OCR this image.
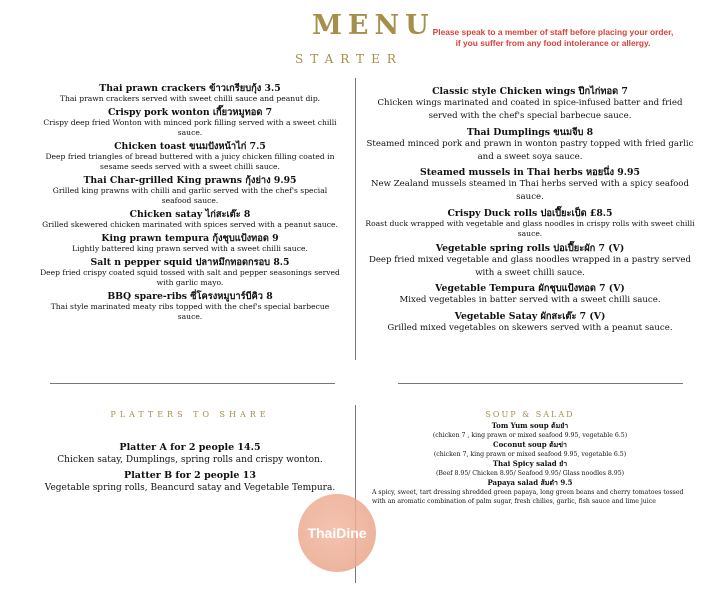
MENU
Please speak to a member of staff before placing your order,
if you suffer from any food intolerance or allergy.
STARTER
Thai prawn crackers ข้าวเกรียบกุ้ง 3.5
Thai prawn crackers served with sweet chilli sauce and peanut dip.
Crispy pork wonton เกี๊ยวหมูทอด 7
Crispy deep fried Wonton with minced pork filling served with a sweet chilli sauce.
Chicken toast ขนมปังหน้าไก่ 7.5
Deep fried triangles of bread buttered with a juicy chicken filling coated in sesame seeds served with a sweet chilli sauce.
Thai Char-grilled King prawns กุ้งย่าง 9.95
Grilled king prawns with chilli and garlic served with the chef's special seafood sauce.
Chicken satay ไก่สะเต๊ะ 8
Grilled skewered chicken marinated with spices served with a peanut sauce.
King prawn tempura กุ้งชุบแป้งทอด 9
Lightly battered king prawn served with a sweet chilli sauce.
Salt n pepper squid ปลาหมึกทอดกรอบ 8.5
Deep fried crispy coated squid tossed with salt and pepper seasonings served with garlic mayo.
BBQ spare-ribs ซี่โครงหมูบาร์บีคิว 8
Thai style marinated meaty ribs topped with the chef's special barbecue sauce.
Classic style Chicken wings ปีกไก่ทอด 7
Chicken wings marinated and coated in spice-infused batter and fried served with the chef's special barbecue sauce.
Thai Dumplings ขนมจีบ 8
Steamed minced pork and prawn in wonton pastry topped with fried garlic and a sweet soya sauce.
Steamed mussels in Thai herbs หอยนึ่ง 9.95
New Zealand mussels steamed in Thai herbs served with a spicy seafood sauce.
Crispy Duck rolls ปอเปี๊ยะเป็ด £8.5
Roast duck wrapped with vegetable and glass noodles in crispy rolls with sweet chilli sauce.
Vegetable spring rolls ปอเปี๊ยะผัก 7 (V)
Deep fried mixed vegetable and glass noodles wrapped in a pastry served with a sweet chilli sauce.
Vegetable Tempura ผักชุบแป้งทอด 7 (V)
Mixed vegetables in batter served with a sweet chilli sauce.
Vegetable Satay ผักสะเต๊ะ 7 (V)
Grilled mixed vegetables on skewers served with a peanut sauce.
PLATTERS TO SHARE
Platter A for 2 people 14.5
Chicken satay, Dumplings, spring rolls and crispy wonton.
Platter B for 2 people 13
Vegetable spring rolls, Beancurd satay and Vegetable Tempura.
SOUP & SALAD
Tom Yum soup ต้มยำ
(chicken 7 , king prawn or mixed seafood 9.95, vegetable 6.5)
Coconut soup ต้มข่า
(chicken 7, king prawn or mixed seafood 9.95, vegetable 6.5)
Thai Spicy salad ยำ
(Beef 8.95/ Chicken 8.95/ Seafood 9.95/ Glass noodles 8.95)
Papaya salad ส้มตำ 9.5
A spicy, sweet, tart dressing shredded green papaya, long green beans and cherry tomatoes tossed with an aromatic combination of palm sugar, fresh chilies, garlic, fish sauce and lime juice
ThaiDine
